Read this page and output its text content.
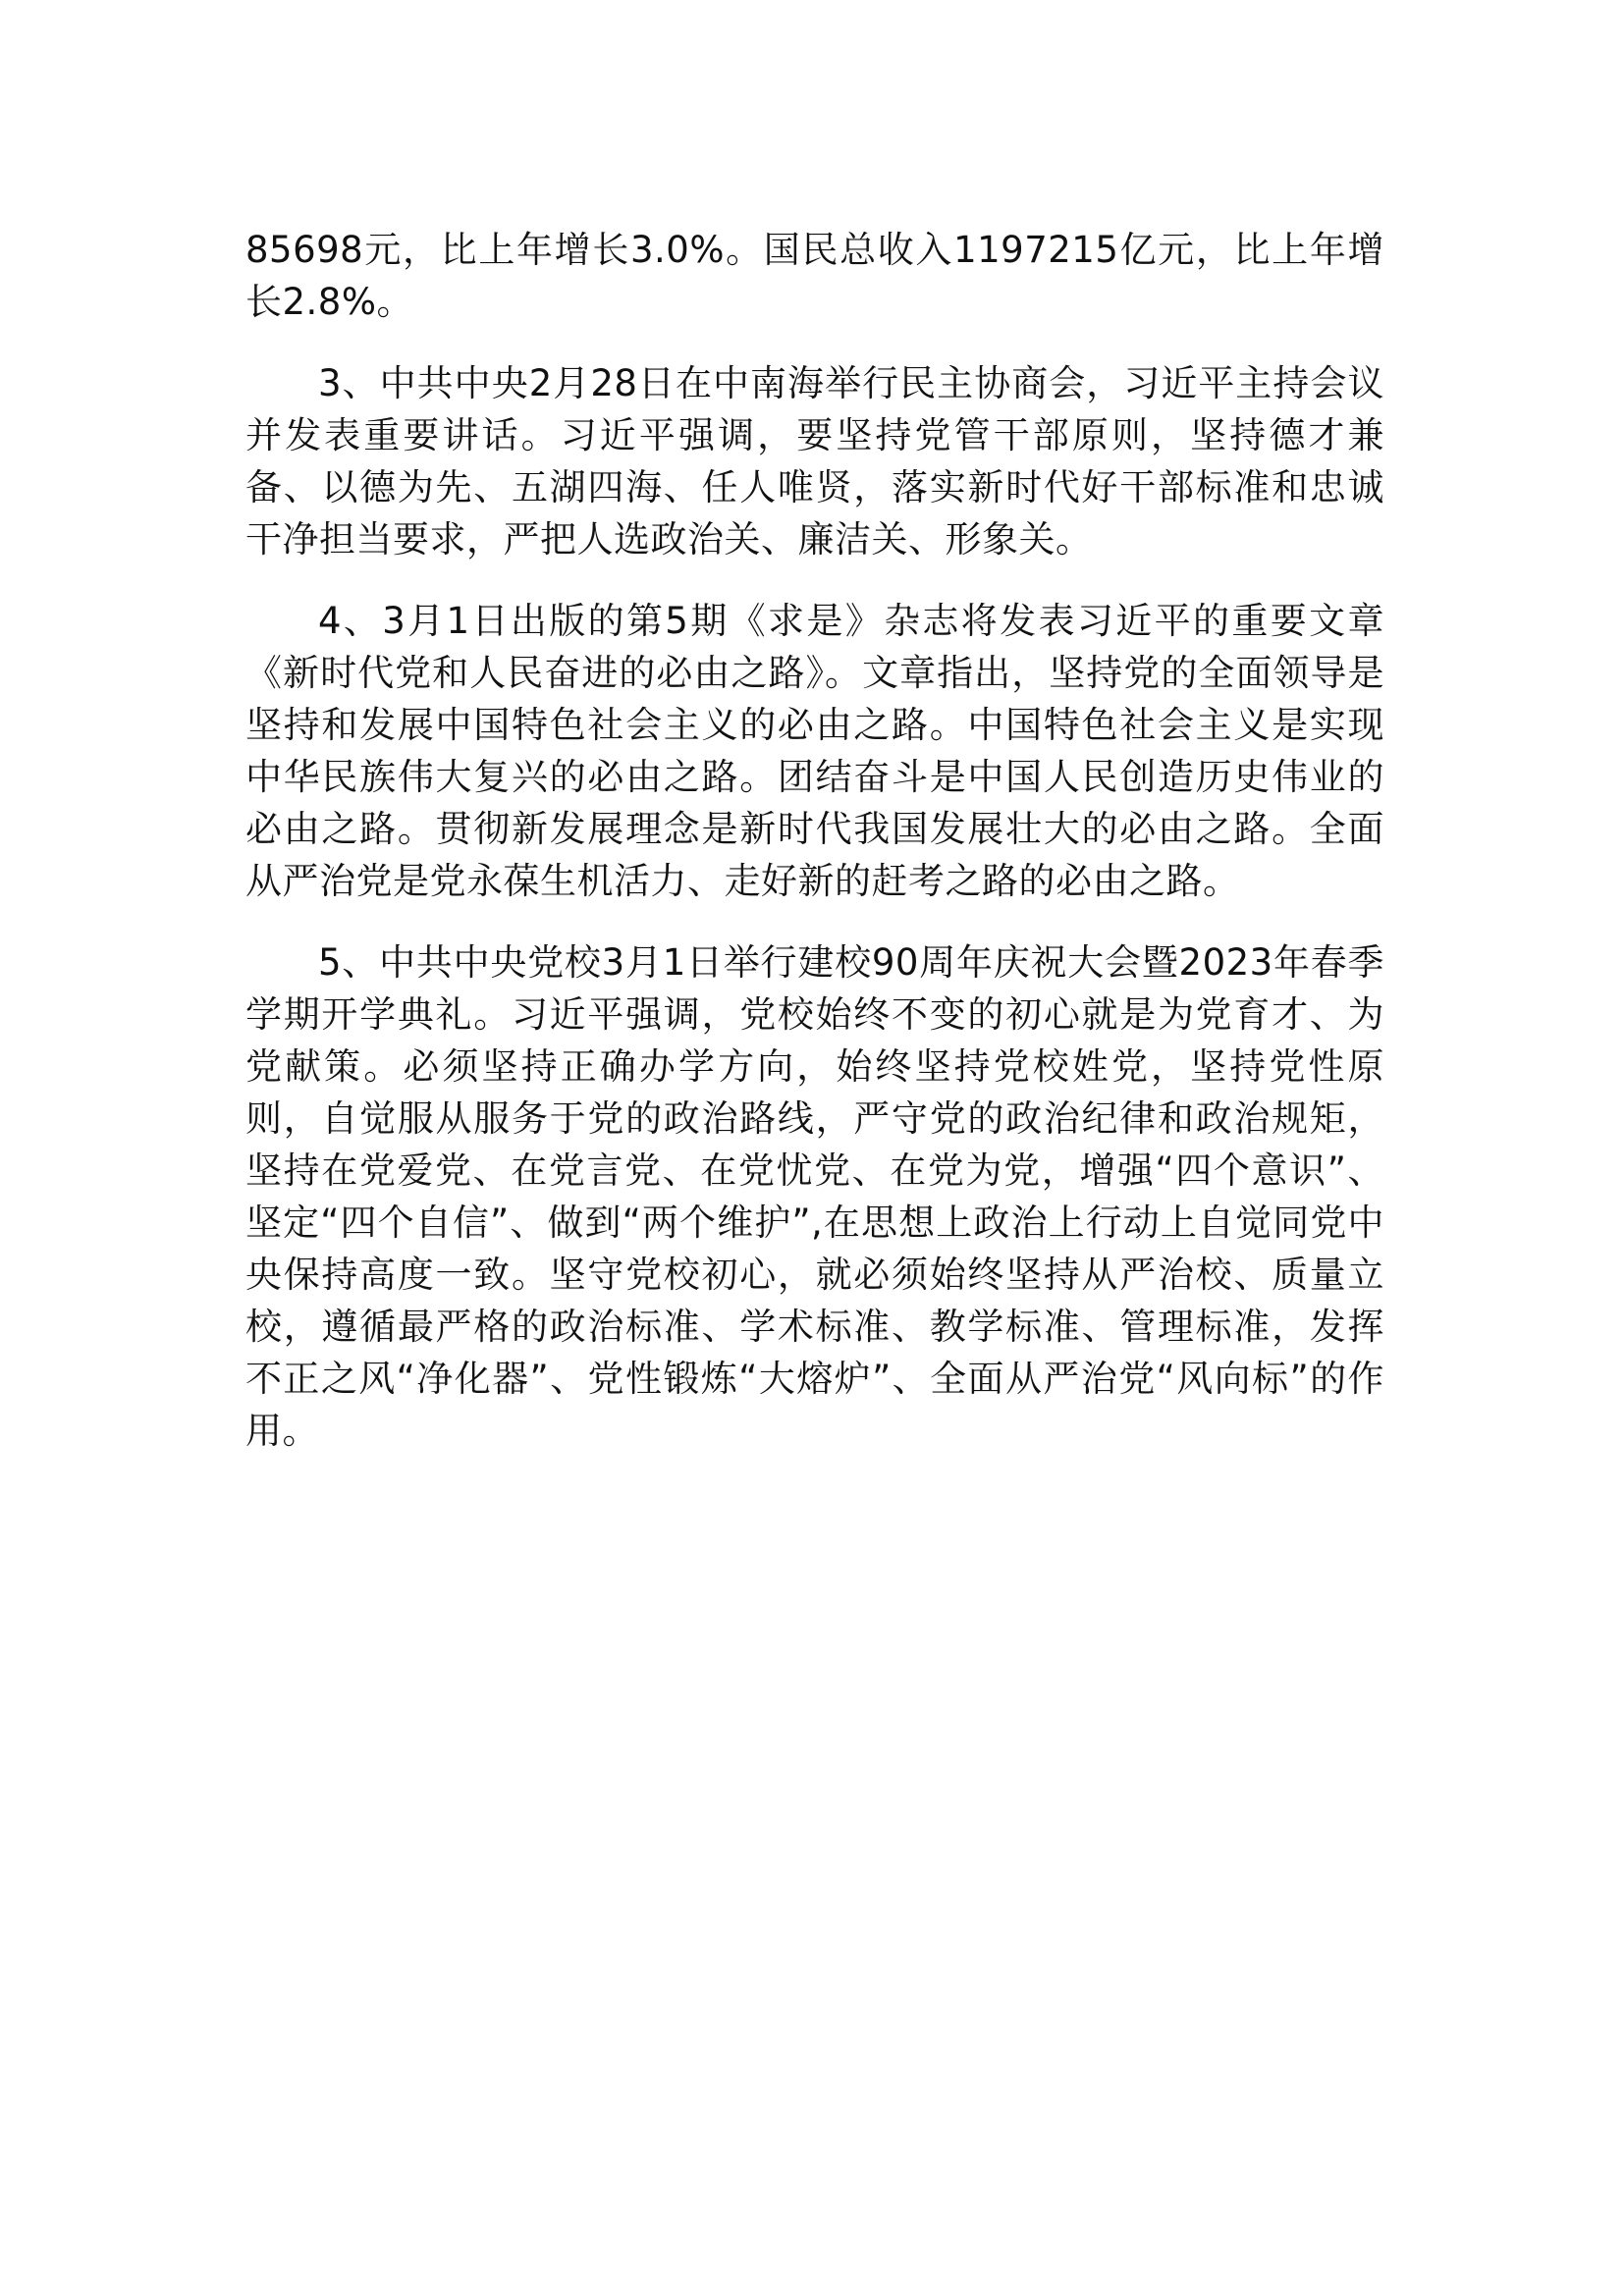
85698元，比上年增长3.0%。国民总收入1197215亿元，比上年增长2.8%。

3、中共中央2月28日在中南海举行民主协商会，习近平主持会议并发表重要讲话。习近平强调，要坚持党管干部原则，坚持德才兼备、以德为先、五湖四海、任人唯贤，落实新时代好干部标准和忠诚干净担当要求，严把人选政治关、廉洁关、形象关。

4、3月1日出版的第5期《求是》杂志将发表习近平的重要文章《新时代党和人民奋进的必由之路》。文章指出，坚持党的全面领导是坚持和发展中国特色社会主义的必由之路。中国特色社会主义是实现中华民族伟大复兴的必由之路。团结奋斗是中国人民创造历史伟业的必由之路。贯彻新发展理念是新时代我国发展壮大的必由之路。全面从严治党是党永葆生机活力、走好新的赶考之路的必由之路。

5、中共中央党校3月1日举行建校90周年庆祝大会暨2023年春季学期开学典礼。习近平强调，党校始终不变的初心就是为党育才、为党献策。必须坚持正确办学方向，始终坚持党校姓党，坚持党性原则，自觉服从服务于党的政治路线，严守党的政治纪律和政治规矩，坚持在党爱党、在党言党、在党忧党、在党为党，增强“四个意识”、坚定“四个自信”、做到“两个维护”,在思想上政治上行动上自觉同党中央保持高度一致。坚守党校初心，就必须始终坚持从严治校、质量立校，遵循最严格的政治标准、学术标准、教学标准、管理标准，发挥不正之风“净化器”、党性锻炼“大熔炉”、全面从严治党“风向标”的作用。
